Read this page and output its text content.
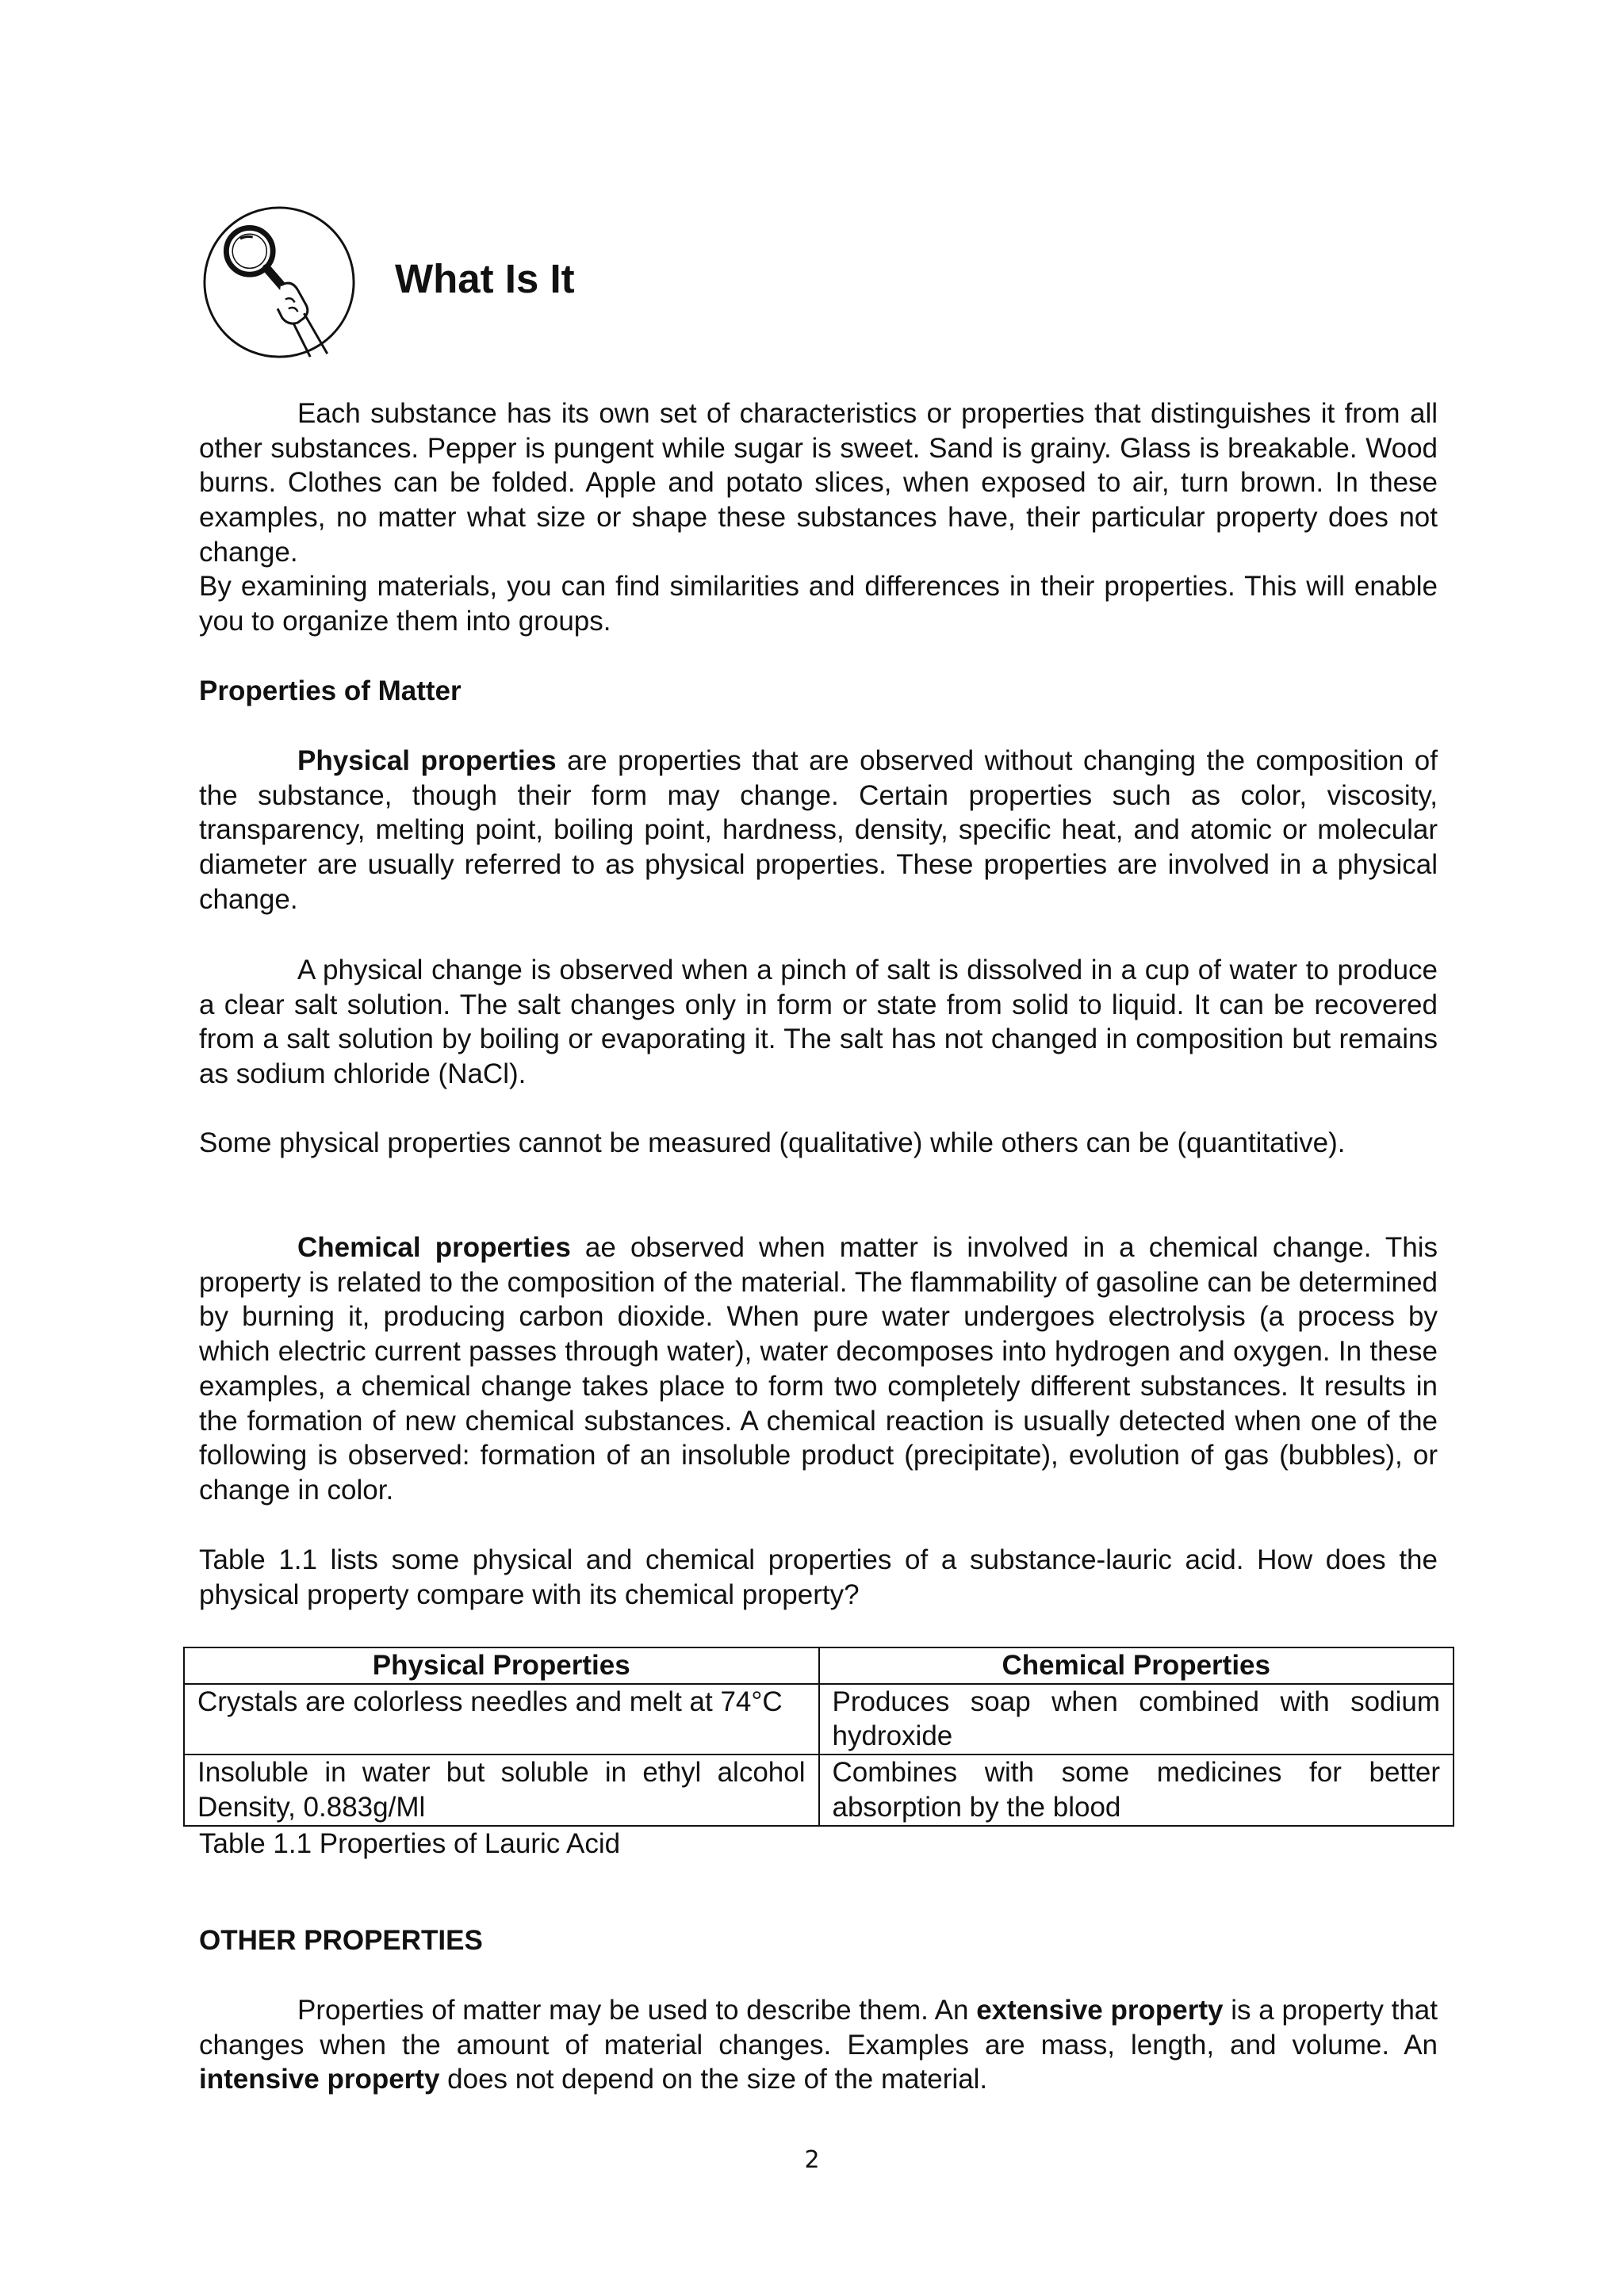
What Is It

Each substance has its own set of characteristics or properties that distinguishes it from all other substances. Pepper is pungent while sugar is sweet. Sand is grainy. Glass is breakable. Wood burns. Clothes can be folded. Apple and potato slices, when exposed to air, turn brown. In these examples, no matter what size or shape these substances have, their particular property does not change.

By examining materials, you can find similarities and differences in their properties. This will enable you to organize them into groups.

Properties of Matter

Physical properties are properties that are observed without changing the composition of the substance, though their form may change. Certain properties such as color, viscosity, transparency, melting point, boiling point, hardness, density, specific heat, and atomic or molecular diameter are usually referred to as physical properties. These properties are involved in a physical change.

A physical change is observed when a pinch of salt is dissolved in a cup of water to produce a clear salt solution. The salt changes only in form or state from solid to liquid. It can be recovered from a salt solution by boiling or evaporating it. The salt has not changed in composition but remains as sodium chloride (NaCl).

Some physical properties cannot be measured (qualitative) while others can be (quantitative).

Chemical properties ae observed when matter is involved in a chemical change. This property is related to the composition of the material. The flammability of gasoline can be determined by burning it, producing carbon dioxide. When pure water undergoes electrolysis (a process by which electric current passes through water), water decomposes into hydrogen and oxygen. In these examples, a chemical change takes place to form two completely different substances. It results in the formation of new chemical substances. A chemical reaction is usually detected when one of the following is observed: formation of an insoluble product (precipitate), evolution of gas (bubbles), or change in color.

Table 1.1 lists some physical and chemical properties of a substance-lauric acid. How does the physical property compare with its chemical property?

Physical Properties	Chemical Properties
Crystals are colorless needles and melt at 74°C	Produces soap when combined with sodium hydroxide
Insoluble in water but soluble in ethyl alcohol Density, 0.883g/Ml	Combines with some medicines for better absorption by the blood

Table 1.1 Properties of Lauric Acid

OTHER PROPERTIES

Properties of matter may be used to describe them. An extensive property is a property that changes when the amount of material changes. Examples are mass, length, and volume. An intensive property does not depend on the size of the material.

2
